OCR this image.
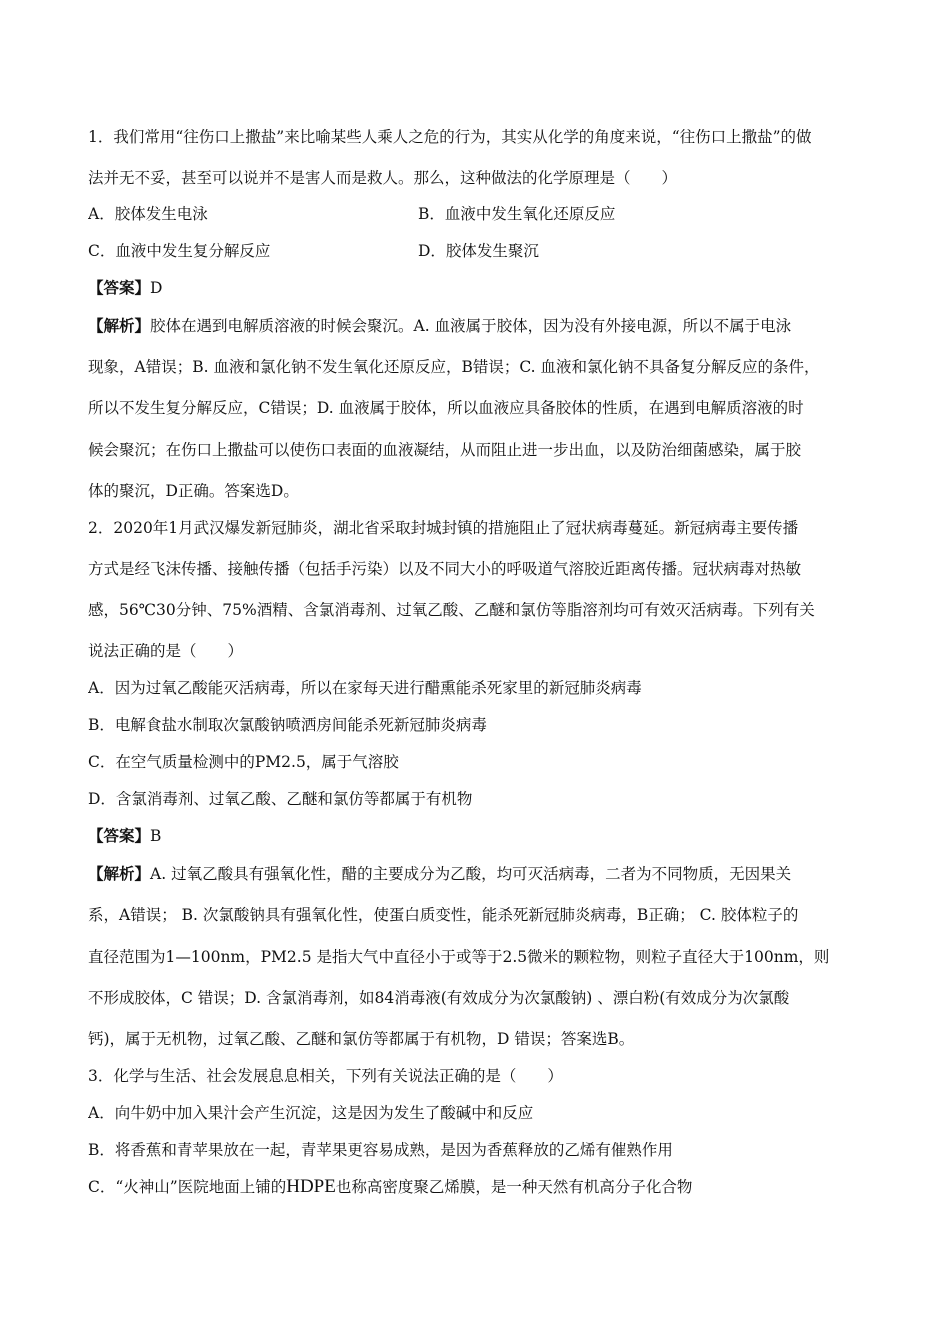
1．我们常用“往伤口上撒盐”来比喻某些人乘人之危的行为，其实从化学的角度来说，“往伤口上撒盐”的做
法并无不妥，甚至可以说并不是害人而是救人。那么，这种做法的化学原理是（　　）
A．胶体发生电泳	B．血液中发生氧化还原反应
C．血液中发生复分解反应	D．胶体发生聚沉
【答案】D
【解析】胶体在遇到电解质溶液的时候会聚沉。A. 血液属于胶体，因为没有外接电源，所以不属于电泳
现象，A错误；B. 血液和氯化钠不发生氧化还原反应，B错误；C. 血液和氯化钠不具备复分解反应的条件，
所以不发生复分解反应，C错误；D. 血液属于胶体，所以血液应具备胶体的性质，在遇到电解质溶液的时
候会聚沉；在伤口上撒盐可以使伤口表面的血液凝结，从而阻止进一步出血，以及防治细菌感染，属于胶
体的聚沉，D正确。答案选D。
2．2020年1月武汉爆发新冠肺炎，湖北省采取封城封镇的措施阻止了冠状病毒蔓延。新冠病毒主要传播
方式是经飞沫传播、接触传播（包括手污染）以及不同大小的呼吸道气溶胶近距离传播。冠状病毒对热敏
感，56℃30分钟、75%酒精、含氯消毒剂、过氧乙酸、乙醚和氯仿等脂溶剂均可有效灭活病毒。下列有关
说法正确的是（　　）
A．因为过氧乙酸能灭活病毒，所以在家每天进行醋熏能杀死家里的新冠肺炎病毒
B．电解食盐水制取次氯酸钠喷洒房间能杀死新冠肺炎病毒
C．在空气质量检测中的PM2.5，属于气溶胶
D．含氯消毒剂、过氧乙酸、乙醚和氯仿等都属于有机物
【答案】B
【解析】A. 过氧乙酸具有强氧化性，醋的主要成分为乙酸，均可灭活病毒，二者为不同物质，无因果关
系，A错误； B. 次氯酸钠具有强氧化性，使蛋白质变性，能杀死新冠肺炎病毒，B正确； C. 胶体粒子的
直径范围为1—100nm，PM2.5 是指大气中直径小于或等于2.5微米的颗粒物，则粒子直径大于100nm，则
不形成胶体，C 错误；D. 含氯消毒剂，如84消毒液(有效成分为次氯酸钠) 、漂白粉(有效成分为次氯酸
钙)，属于无机物，过氧乙酸、乙醚和氯仿等都属于有机物，D 错误；答案选B。
3．化学与生活、社会发展息息相关，下列有关说法正确的是（　　）
A．向牛奶中加入果汁会产生沉淀，这是因为发生了酸碱中和反应
B．将香蕉和青苹果放在一起，青苹果更容易成熟，是因为香蕉释放的乙烯有催熟作用
C．“火神山”医院地面上铺的HDPE也称高密度聚乙烯膜，是一种天然有机高分子化合物
